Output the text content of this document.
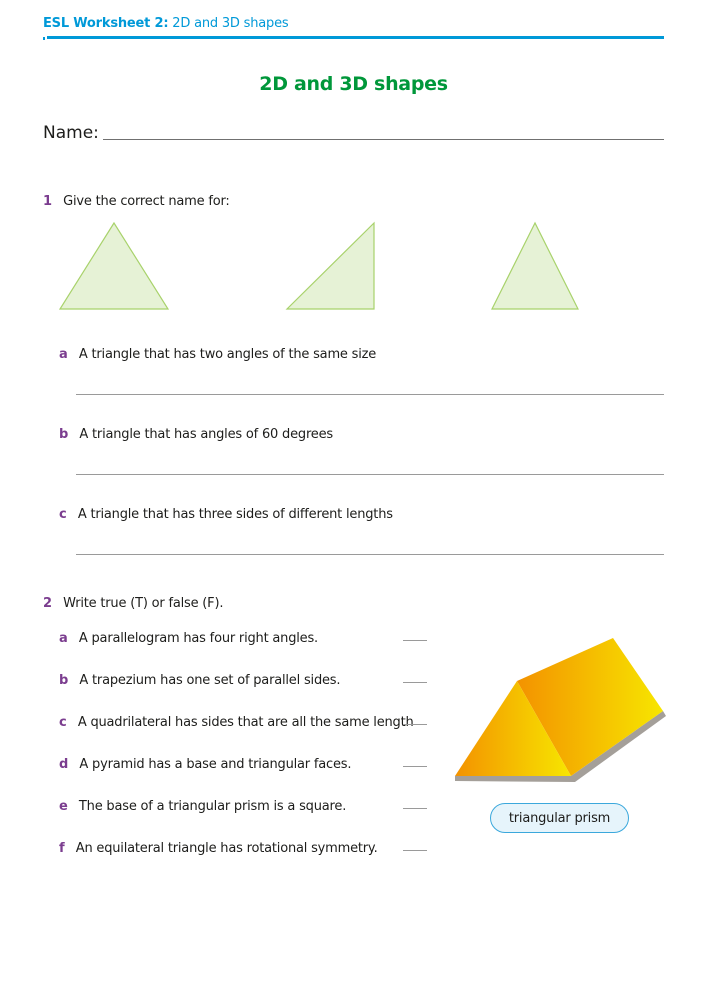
ESL Worksheet 2: 2D and 3D shapes
2D and 3D shapes
Name:
1 Give the correct name for:
a A triangle that has two angles of the same size
b A triangle that has angles of 60 degrees
c A triangle that has three sides of different lengths
2 Write true (T) or false (F).
a A parallelogram has four right angles.
b A trapezium has one set of parallel sides.
c A quadrilateral has sides that are all the same length
d A pyramid has a base and triangular faces.
e The base of a triangular prism is a square.
f An equilateral triangle has rotational symmetry.
triangular prism
